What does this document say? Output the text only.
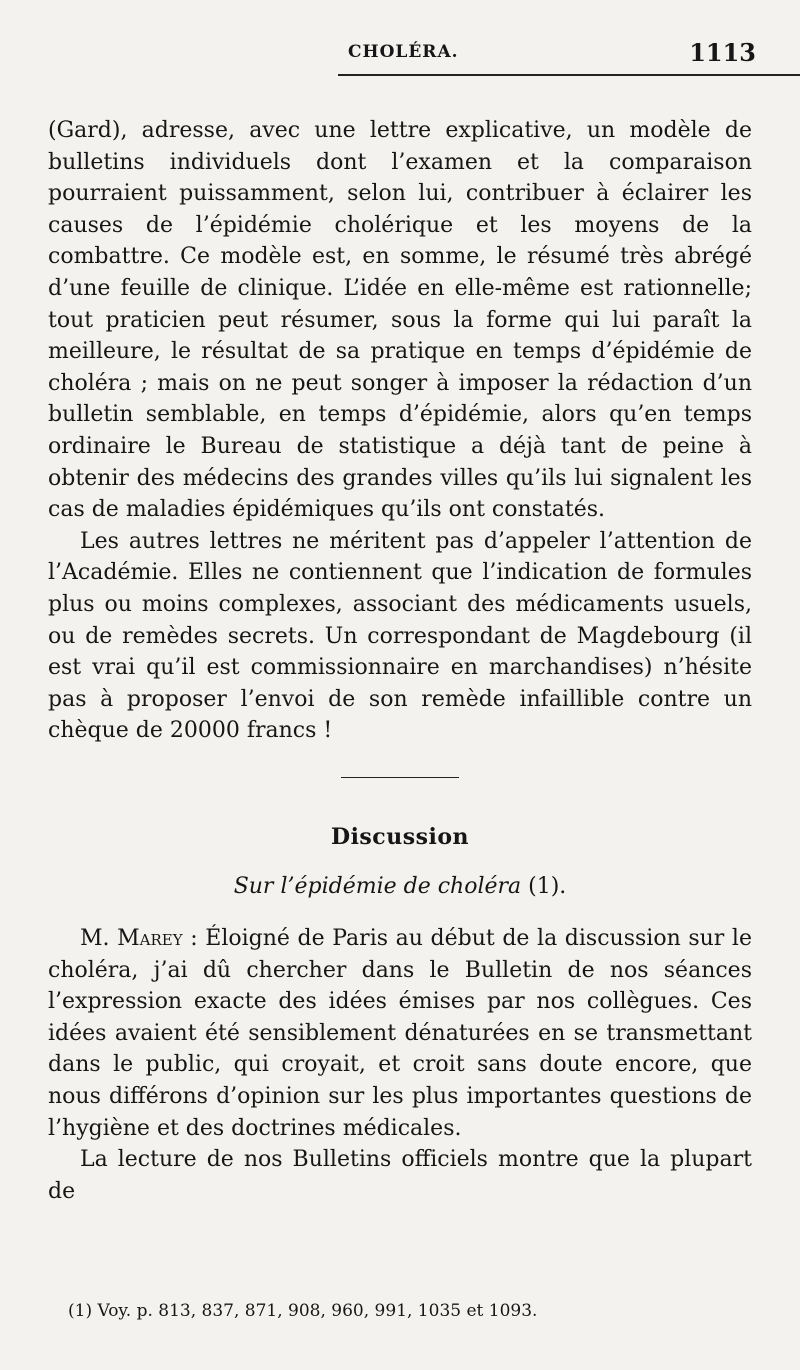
CHOLÉRA.	1113

(Gard), adresse, avec une lettre explicative, un modèle de bulletins individuels dont l’examen et la comparaison pourraient puissamment, selon lui, contribuer à éclairer les causes de l’épidémie cholérique et les moyens de la combattre. Ce modèle est, en somme, le résumé très abrégé d’une feuille de clinique. L’idée en elle-même est rationnelle; tout praticien peut résumer, sous la forme qui lui paraît la meilleure, le résultat de sa pratique en temps d’épidémie de choléra ; mais on ne peut songer à imposer la rédaction d’un bulletin semblable, en temps d’épidémie, alors qu’en temps ordinaire le Bureau de statistique a déjà tant de peine à obtenir des médecins des grandes villes qu’ils lui signalent les cas de maladies épidémiques qu’ils ont constatés.

Les autres lettres ne méritent pas d’appeler l’attention de l’Académie. Elles ne contiennent que l’indication de formules plus ou moins complexes, associant des médicaments usuels, ou de remèdes secrets. Un correspondant de Magdebourg (il est vrai qu’il est commissionnaire en marchandises) n’hésite pas à proposer l’envoi de son remède infaillible contre un chèque de 20000 francs !

Discussion

Sur l’épidémie de choléra (1).

M. Marey : Éloigné de Paris au début de la discussion sur le choléra, j’ai dû chercher dans le Bulletin de nos séances l’expression exacte des idées émises par nos collègues. Ces idées avaient été sensiblement dénaturées en se transmettant dans le public, qui croyait, et croit sans doute encore, que nous différons d’opinion sur les plus importantes questions de l’hygiène et des doctrines médicales.

La lecture de nos Bulletins officiels montre que la plupart de

(1) Voy. p. 813, 837, 871, 908, 960, 991, 1035 et 1093.
